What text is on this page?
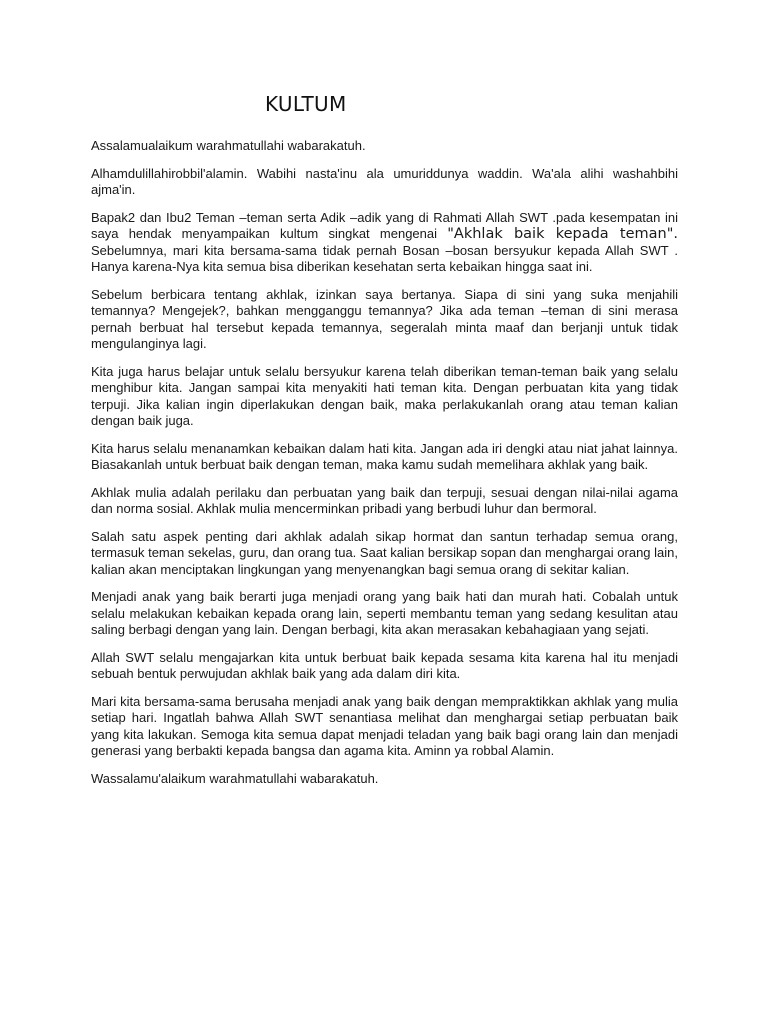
KULTUM

Assalamualaikum warahmatullahi wabarakatuh.

Alhamdulillahirobbil'alamin. Wabihi nasta'inu ala umuriddunya waddin. Wa'ala alihi washahbihi ajma'in.

Bapak2 dan Ibu2 Teman –teman serta Adik –adik yang di Rahmati Allah SWT .pada kesempatan ini saya hendak menyampaikan kultum singkat mengenai "Akhlak baik kepada teman". Sebelumnya, mari kita bersama-sama tidak pernah Bosan –bosan bersyukur kepada Allah SWT . Hanya karena-Nya kita semua bisa diberikan kesehatan serta kebaikan hingga saat ini.

Sebelum berbicara tentang akhlak, izinkan saya bertanya. Siapa di sini yang suka menjahili temannya? Mengejek?, bahkan mengganggu temannya? Jika ada teman –teman di sini merasa pernah berbuat hal tersebut kepada temannya, segeralah minta maaf dan berjanji untuk tidak mengulanginya lagi.

Kita juga harus belajar untuk selalu bersyukur karena telah diberikan teman-teman baik yang selalu menghibur kita. Jangan sampai kita menyakiti hati teman kita. Dengan perbuatan kita yang tidak terpuji. Jika kalian ingin diperlakukan dengan baik, maka perlakukanlah orang atau teman kalian dengan baik juga.

Kita harus selalu menanamkan kebaikan dalam hati kita. Jangan ada iri dengki atau niat jahat lainnya. Biasakanlah untuk berbuat baik dengan teman, maka kamu sudah memelihara akhlak yang baik.

Akhlak mulia adalah perilaku dan perbuatan yang baik dan terpuji, sesuai dengan nilai-nilai agama dan norma sosial. Akhlak mulia mencerminkan pribadi yang berbudi luhur dan bermoral.

Salah satu aspek penting dari akhlak adalah sikap hormat dan santun terhadap semua orang, termasuk teman sekelas, guru, dan orang tua. Saat kalian bersikap sopan dan menghargai orang lain, kalian akan menciptakan lingkungan yang menyenangkan bagi semua orang di sekitar kalian.

Menjadi anak yang baik berarti juga menjadi orang yang baik hati dan murah hati. Cobalah untuk selalu melakukan kebaikan kepada orang lain, seperti membantu teman yang sedang kesulitan atau saling berbagi dengan yang lain. Dengan berbagi, kita akan merasakan kebahagiaan yang sejati.

Allah SWT selalu mengajarkan kita untuk berbuat baik kepada sesama kita karena hal itu menjadi sebuah bentuk perwujudan akhlak baik yang ada dalam diri kita.

Mari kita bersama-sama berusaha menjadi anak yang baik dengan mempraktikkan akhlak yang mulia setiap hari. Ingatlah bahwa Allah SWT senantiasa melihat dan menghargai setiap perbuatan baik yang kita lakukan. Semoga kita semua dapat menjadi teladan yang baik bagi orang lain dan menjadi generasi yang berbakti kepada bangsa dan agama kita. Aminn ya robbal Alamin.

Wassalamu'alaikum warahmatullahi wabarakatuh.
